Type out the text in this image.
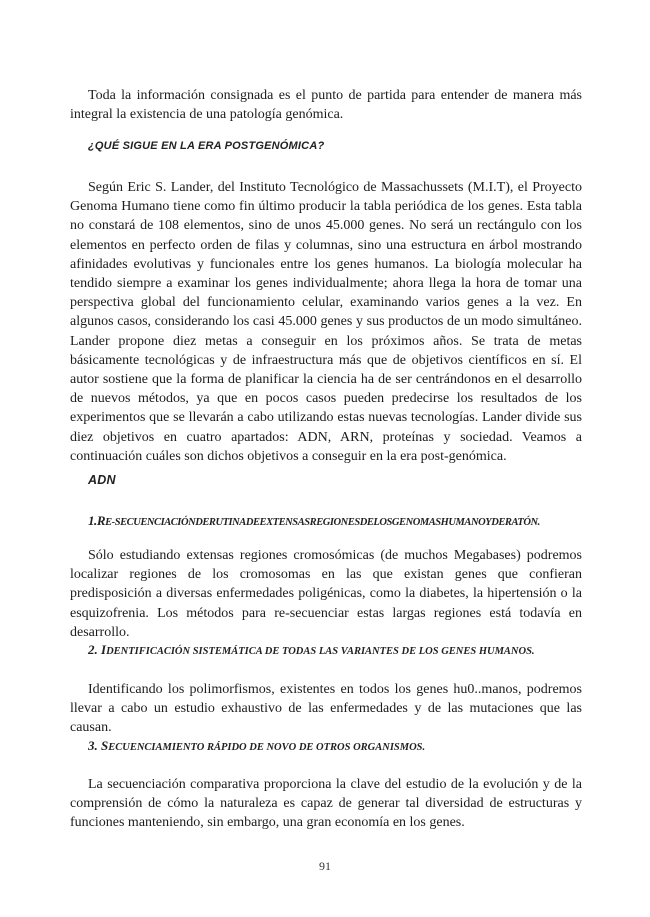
Toda la información consignada es el punto de partida para entender de manera más integral la existencia de una patología genómica.

¿QUÉ SIGUE EN LA ERA POSTGENÓMICA?

Según Eric S. Lander, del Instituto Tecnológico de Massachussets (M.I.T), el Proyecto Genoma Humano tiene como fin último producir la tabla periódica de los genes. Esta tabla no constará de 108 elementos, sino de unos 45.000 genes. No será un rectángulo con los elementos en perfecto orden de filas y columnas, sino una estructura en árbol mostrando afinidades evolutivas y funcionales entre los genes humanos. La biología molecular ha tendido siempre a examinar los genes individualmente; ahora llega la hora de tomar una perspectiva global del funcionamiento celular, examinando varios genes a la vez. En algunos casos, considerando los casi 45.000 genes y sus productos de un modo simultáneo. Lander propone diez metas a conseguir en los próximos años. Se trata de metas básicamente tecnológicas y de infraestructura más que de objetivos científicos en sí. El autor sostiene que la forma de planificar la ciencia ha de ser centrándonos en el desarrollo de nuevos métodos, ya que en pocos casos pueden predecirse los resultados de los experimentos que se llevarán a cabo utilizando estas nuevas tecnologías. Lander divide sus diez objetivos en cuatro apartados: ADN, ARN, proteínas y sociedad. Veamos a continuación cuáles son dichos objetivos a conseguir en la era post-genómica.

ADN

1.RE-SECUENCIACIÓNDERUTINADEEXTENSASREGIONESDELOSGENOMASHUMANOYDERATÓN.

Sólo estudiando extensas regiones cromosómicas (de muchos Megabases) podremos localizar regiones de los cromosomas en las que existan genes que confieran predisposición a diversas enfermedades poligénicas, como la diabetes, la hipertensión o la esquizofrenia. Los métodos para re-secuenciar estas largas regiones está todavía en desarrollo.

2. IDENTIFICACIÓN SISTEMÁTICA DE TODAS LAS VARIANTES DE LOS GENES HUMANOS.

Identificando los polimorfismos, existentes en todos los genes hu0..manos, podremos llevar a cabo un estudio exhaustivo de las enfermedades y de las mutaciones que las causan.

3. SECUENCIAMIENTO RÁPIDO DE NOVO DE OTROS ORGANISMOS.

La secuenciación comparativa proporciona la clave del estudio de la evolución y de la comprensión de cómo la naturaleza es capaz de generar tal diversidad de estructuras y funciones manteniendo, sin embargo, una gran economía en los genes.

91
